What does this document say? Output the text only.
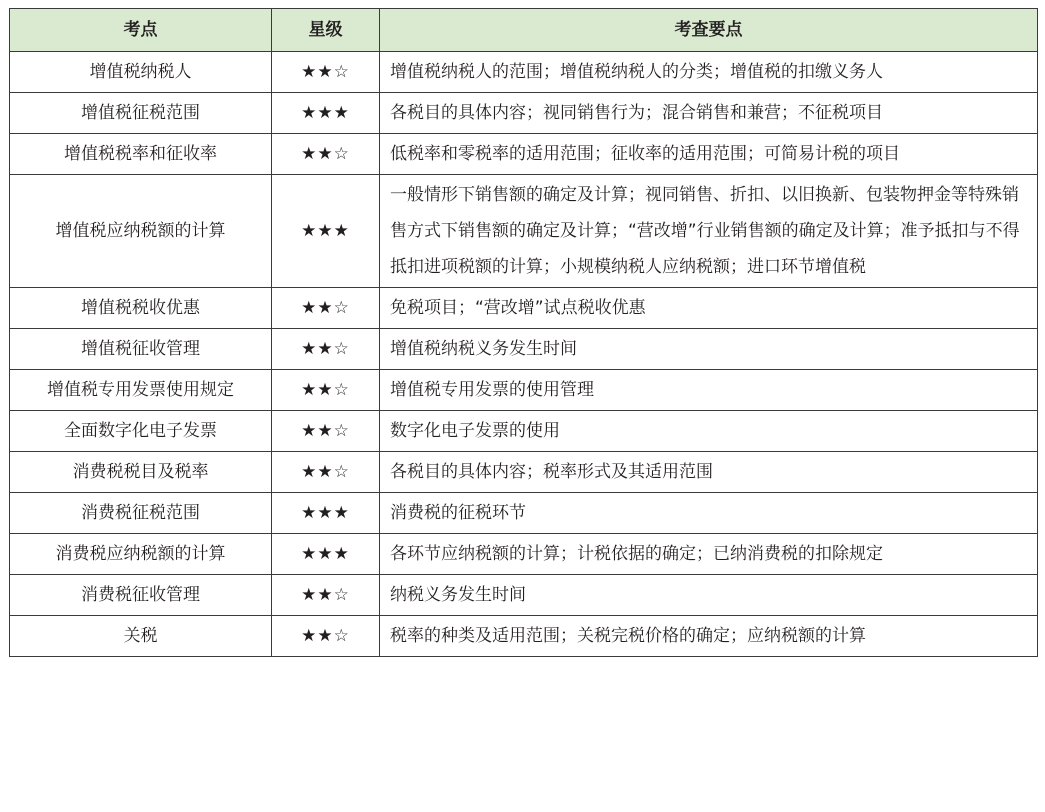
考点	星级	考查要点
增值税纳税人	★★☆	增值税纳税人的范围；增值税纳税人的分类；增值税的扣缴义务人
增值税征税范围	★★★	各税目的具体内容；视同销售行为；混合销售和兼营；不征税项目
增值税税率和征收率	★★☆	低税率和零税率的适用范围；征收率的适用范围；可简易计税的项目
增值税应纳税额的计算	★★★	一般情形下销售额的确定及计算；视同销售、折扣、以旧换新、包装物押金等特殊销售方式下销售额的确定及计算；“营改增”行业销售额的确定及计算；准予抵扣与不得抵扣进项税额的计算；小规模纳税人应纳税额；进口环节增值税
增值税税收优惠	★★☆	免税项目；“营改增”试点税收优惠
增值税征收管理	★★☆	增值税纳税义务发生时间
增值税专用发票使用规定	★★☆	增值税专用发票的使用管理
全面数字化电子发票	★★☆	数字化电子发票的使用
消费税税目及税率	★★☆	各税目的具体内容；税率形式及其适用范围
消费税征税范围	★★★	消费税的征税环节
消费税应纳税额的计算	★★★	各环节应纳税额的计算；计税依据的确定；已纳消费税的扣除规定
消费税征收管理	★★☆	纳税义务发生时间
关税	★★☆	税率的种类及适用范围；关税完税价格的确定；应纳税额的计算
